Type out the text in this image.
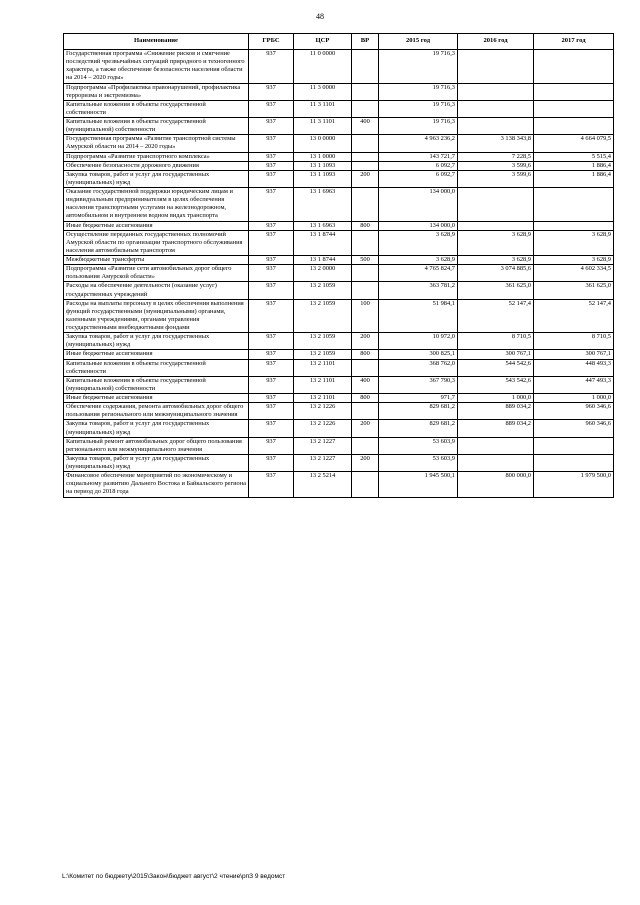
48
Наименование	ГРБС	ЦСР	ВР	2015 год	2016 год	2017 год
Государственная программа «Снижение рисков и смягчение последствий чрезвычайных ситуаций природного и техногенного характера, а также обеспечение безопасности населения области на 2014 – 2020 годы»	937	11 0 0000		19 716,3		
Подпрограмма «Профилактика правонарушений, профилактика терроризма и экстремизма»	937	11 3 0000		19 716,3		
Капитальные вложения в объекты государственной собственности	937	11 3 1101		19 716,3		
Капитальные вложения в объекты государственной (муниципальной) собственности	937	11 3 1101	400	19 716,3		
Государственная программа «Развитие транспортной системы Амурской области на 2014 – 2020 годы»	937	13 0 0000		4 963 236,2	3 138 343,8	4 664 079,5
Подпрограмма «Развитие транспортного комплекса»	937	13 1 0000		143 721,7	7 228,5	5 515,4
Обеспечение безопасности дорожного движения	937	13 1 1093		6 092,7	3 599,6	1 886,4
Закупка товаров, работ и услуг для государственных (муниципальных) нужд	937	13 1 1093	200	6 092,7	3 599,6	1 886,4
Оказание государственной поддержки юридическим лицам и индивидуальным предпринимателям в целях обеспечения населения транспортными услугами на железнодорожном, автомобильном и внутреннем водном видах транспорта	937	13 1 6963		134 000,0		
Иные бюджетные ассигнования	937	13 1 6963	800	134 000,0		
Осуществление переданных государственных полномочий Амурской области по организации транспортного обслуживания населения автомобильным транспортом	937	13 1 8744		3 628,9	3 628,9	3 628,9
Межбюджетные трансферты	937	13 1 8744	500	3 628,9	3 628,9	3 628,9
Подпрограмма «Развитие сети автомобильных дорог общего пользования Амурской области»	937	13 2 0000		4 765 824,7	3 074 885,6	4 602 334,5
Расходы на обеспечение деятельности (оказание услуг) государственных учреждений	937	13 2 1059		363 781,2	361 625,0	361 625,0
Расходы на выплаты персоналу в целях обеспечения выполнения функций государственными (муниципальными) органами, казенными учреждениями, органами управления государственными внебюджетными фондами	937	13 2 1059	100	51 984,1	52 147,4	52 147,4
Закупка товаров, работ и услуг для государственных (муниципальных) нужд	937	13 2 1059	200	10 972,0	8 710,5	8 710,5
Иные бюджетные ассигнования	937	13 2 1059	800	300 825,1	300 767,1	300 767,1
Капитальные вложения в объекты государственной собственности	937	13 2 1101		368 762,0	544 542,6	448 493,3
Капитальные вложения в объекты государственной (муниципальной) собственности	937	13 2 1101	400	367 790,3	543 542,6	447 493,3
Иные бюджетные ассигнования	937	13 2 1101	800	971,7	1 000,0	1 000,0
Обеспечение содержания, ремонта автомобильных дорог общего пользования регионального или межмуниципального значения	937	13 2 1226		829 681,2	889 034,2	960 346,6
Закупка товаров, работ и услуг для государственных (муниципальных) нужд	937	13 2 1226	200	829 681,2	889 034,2	960 346,6
Капитальный ремонт автомобильных дорог общего пользования регионального или межмуниципального значения	937	13 2 1227		53 603,9		
Закупка товаров, работ и услуг для государственных (муниципальных) нужд	937	13 2 1227	200	53 603,9		
Финансовое обеспечение мероприятий по экономическому и социальному развитию Дальнего Востока и Байкальского региона на период до 2018 года	937	13 2 5214		1 945 500,1	800 000,0	1 979 500,0
L:\Комитет по бюджету\2015\Закон\бюджет август\2 чтение\рпЗ 9 ведомст
